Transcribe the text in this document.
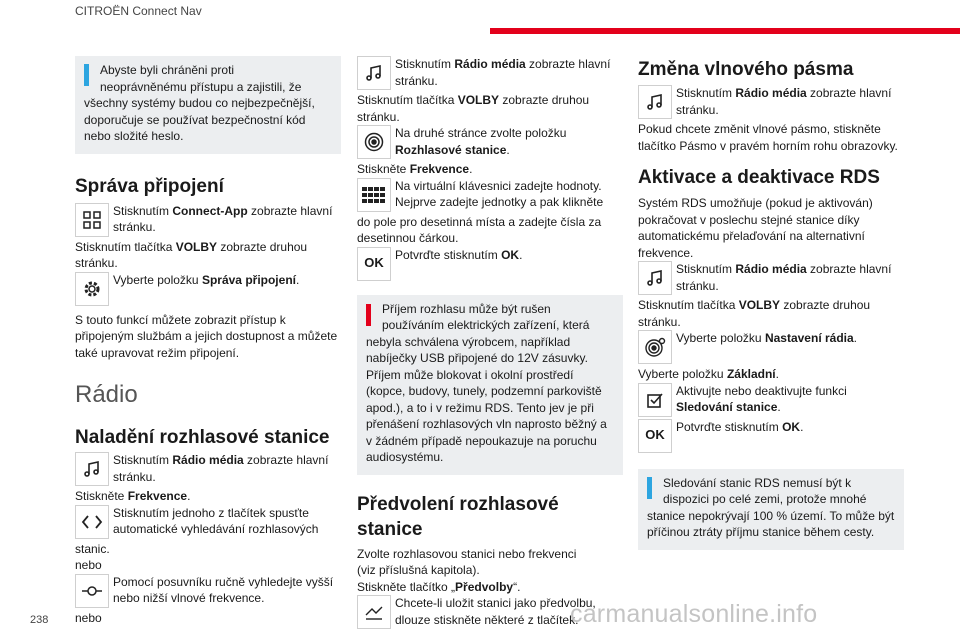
CITROËN Connect Nav

Abyste byli chráněni proti

neoprávněnému přístupu a zajistili, že

všechny systémy budou co nejbezpečnější, doporučuje se používat bezpečnostní kód nebo složité heslo.

Správa připojení

Stisknutím Connect-App zobrazte hlavní

stránku.

Stisknutím tlačítka VOLBY zobrazte druhou stránku.

Vyberte položku Správa připojení.

S touto funkcí můžete zobrazit přístup k připojeným službám a jejich dostupnost a můžete také upravovat režim připojení.

Rádio
Naladění rozhlasové stanice

Stisknutím Rádio média zobrazte hlavní

stránku.

Stiskněte Frekvence.

Stisknutím jednoho z tlačítek spusťte

automatické vyhledávání rozhlasových

stanic.

nebo

Pomocí posuvníku ručně vyhledejte vyšší

nebo nižší vlnové frekvence.

nebo

Stisknutím Rádio média zobrazte hlavní

stránku.

Stisknutím tlačítka VOLBY zobrazte druhou stránku.

Na druhé stránce zvolte položku

Rozhlasové stanice.

Stiskněte Frekvence.

Na virtuální klávesnici zadejte hodnoty.

Nejprve zadejte jednotky a pak klikněte

do pole pro desetinná místa a zadejte čísla za desetinnou čárkou.

OK

Potvrďte stisknutím OK.

Příjem rozhlasu může být rušen

používáním elektrických zařízení, která

nebyla schválena výrobcem, například nabíječky USB připojené do 12V zásuvky. Příjem může blokovat i okolní prostředí (kopce, budovy, tunely, podzemní parkoviště apod.), a to i v režimu RDS. Tento jev je při přenášení rozhlasových vln naprosto běžný a v žádném případě nepoukazuje na poruchu audiosystému.

Předvolení rozhlasové stanice

Zvolte rozhlasovou stanici nebo frekvenci

(viz příslušná kapitola).

Stiskněte tlačítko „Předvolby“.

Chcete-li uložit stanici jako předvolbu,

dlouze stiskněte některé z tlačítek.

Změna vlnového pásma

Stisknutím Rádio média zobrazte hlavní

stránku.

Pokud chcete změnit vlnové pásmo, stiskněte tlačítko Pásmo v pravém horním rohu obrazovky.

Aktivace a deaktivace RDS

Systém RDS umožňuje (pokud je aktivován) pokračovat v poslechu stejné stanice díky automatickému přelaďování na alternativní frekvence.

Stisknutím Rádio média zobrazte hlavní

stránku.

Stisknutím tlačítka VOLBY zobrazte druhou stránku.

Vyberte položku Nastavení rádia.

Vyberte položku Základní.

Aktivujte nebo deaktivujte funkci

Sledování stanice.

OK

Potvrďte stisknutím OK.

Sledování stanic RDS nemusí být k

dispozici po celé zemi, protože mnohé

stanice nepokrývají 100 % území. To může být příčinou ztráty příjmu stanice během cesty.

238	carmanualsonline.info
